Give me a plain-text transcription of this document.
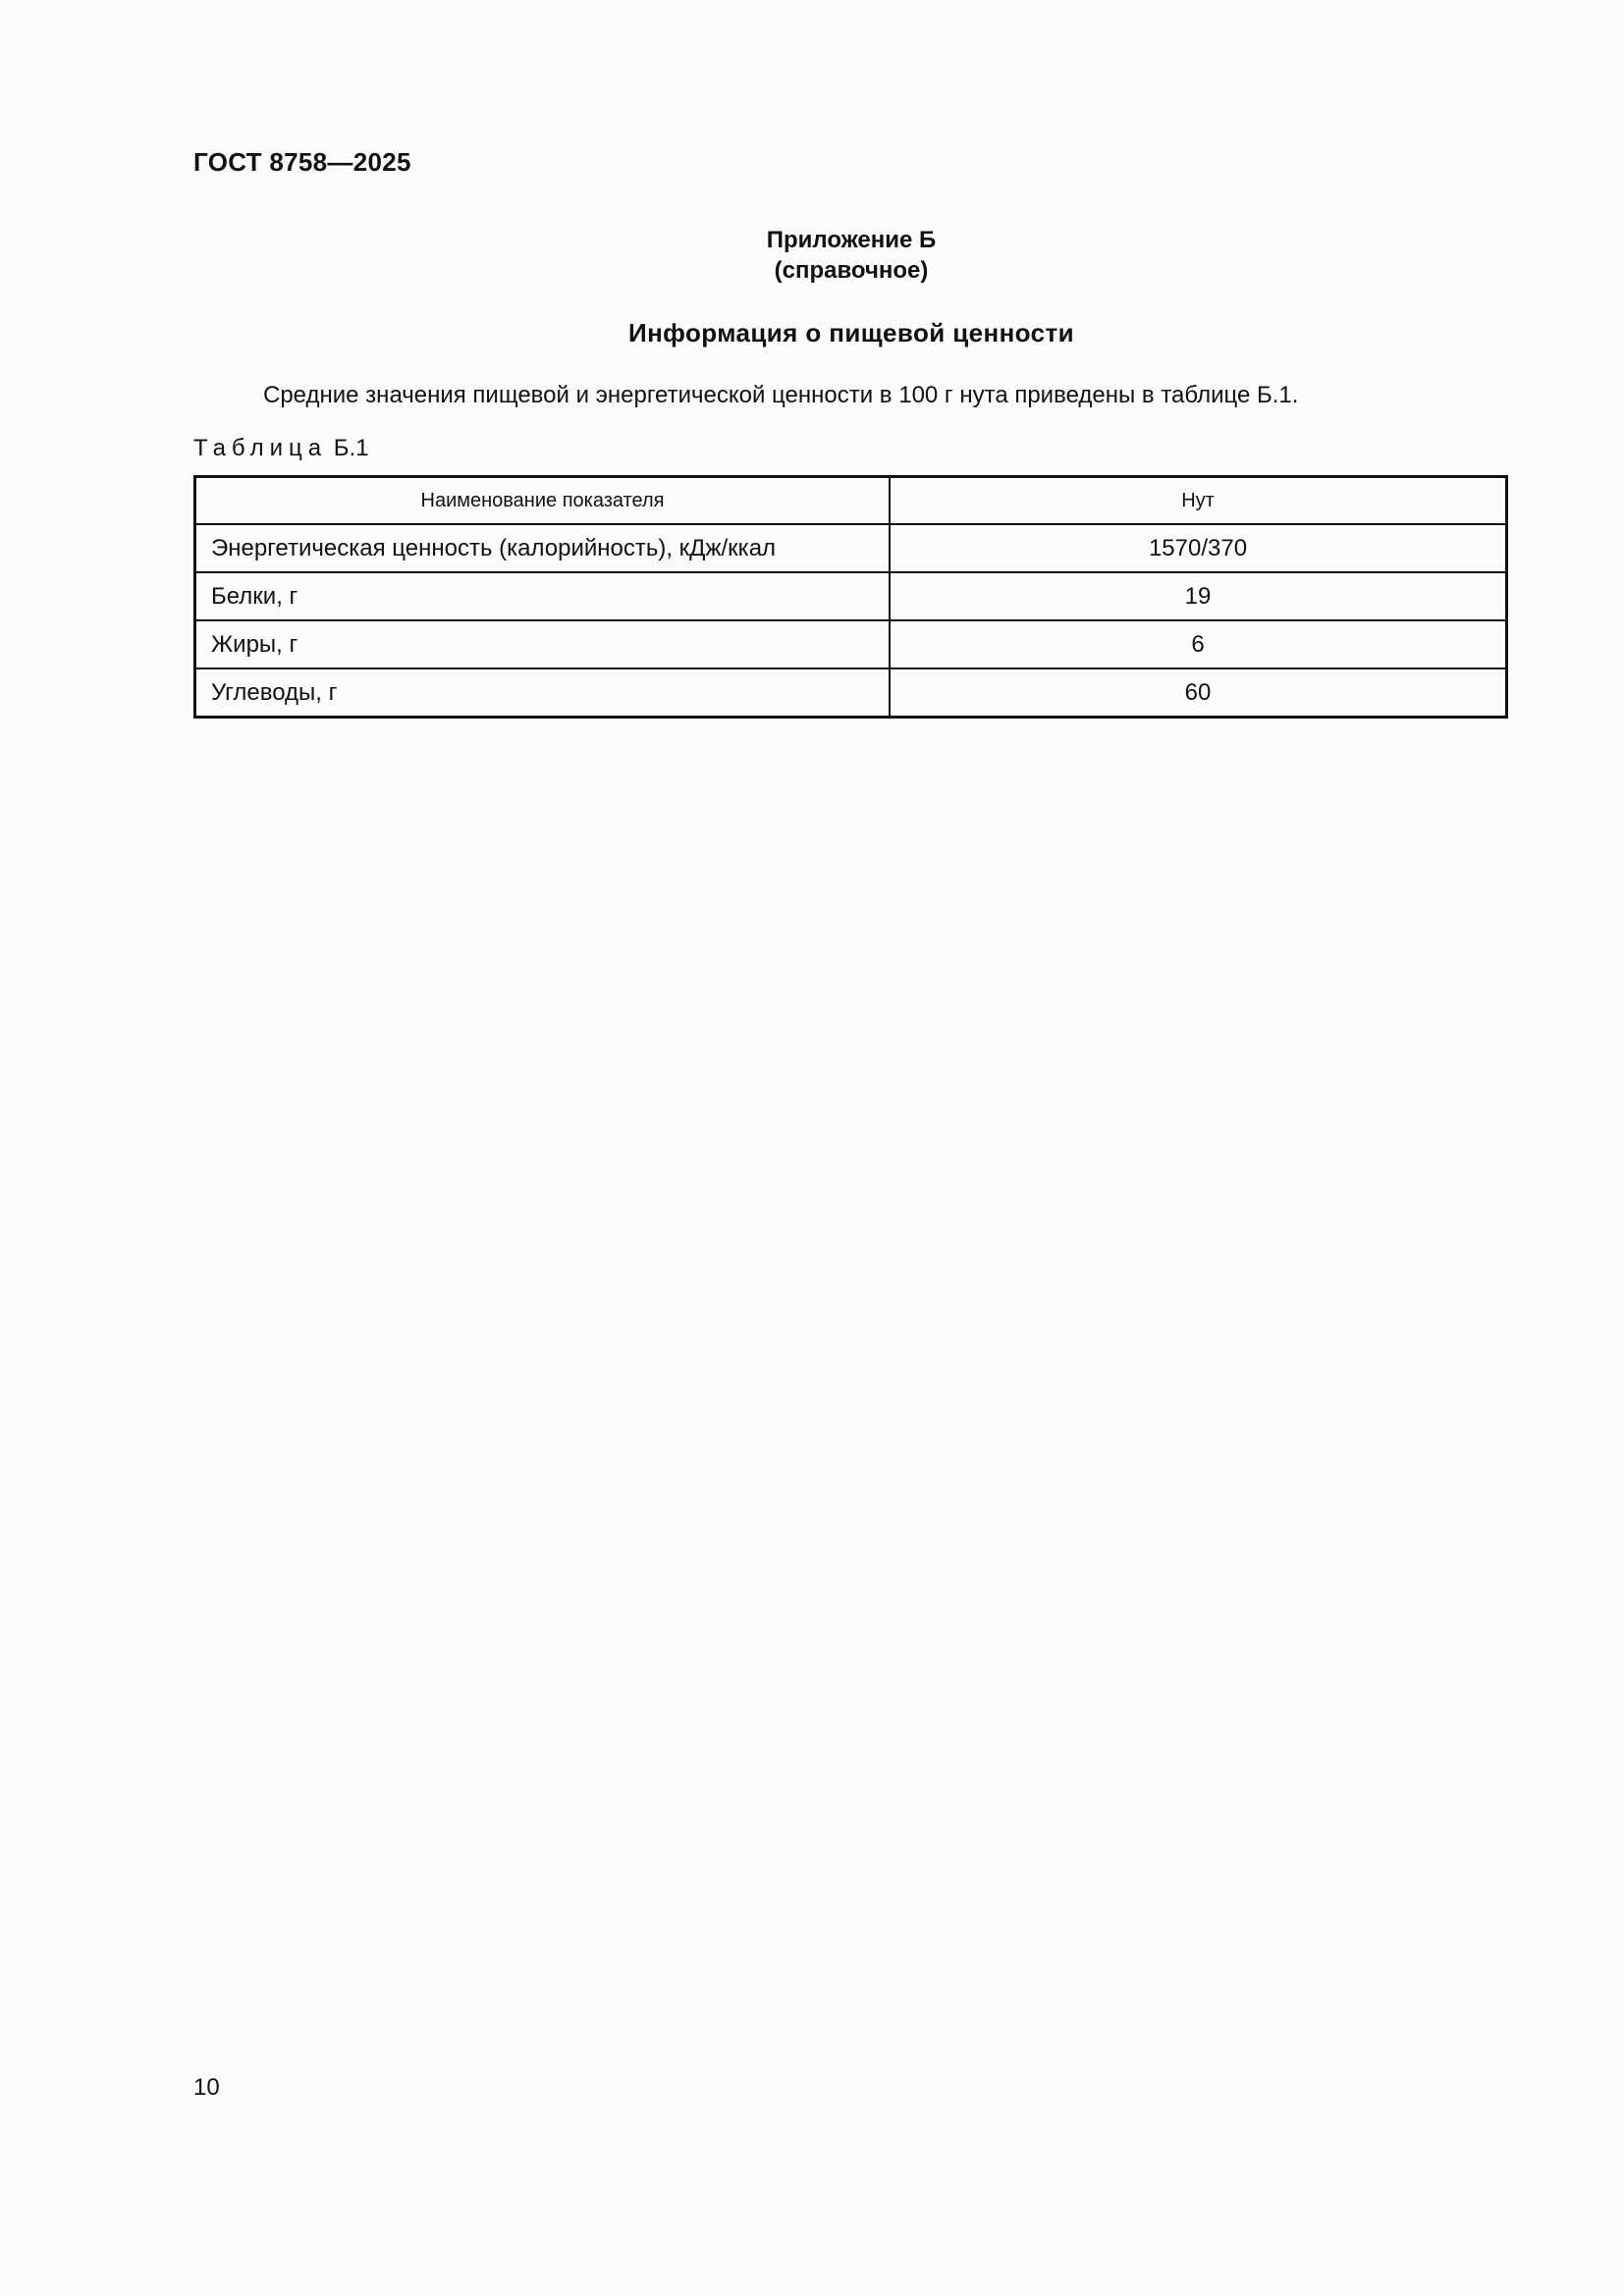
ГОСТ 8758—2025
Приложение Б
(справочное)
Информация о пищевой ценности
Средние значения пищевой и энергетической ценности в 100 г нута приведены в таблице Б.1.
Таблица Б.1
Наименование показателя	Нут
Энергетическая ценность (калорийность), кДж/ккал	1570/370
Белки, г	19
Жиры, г	6
Углеводы, г	60
10
